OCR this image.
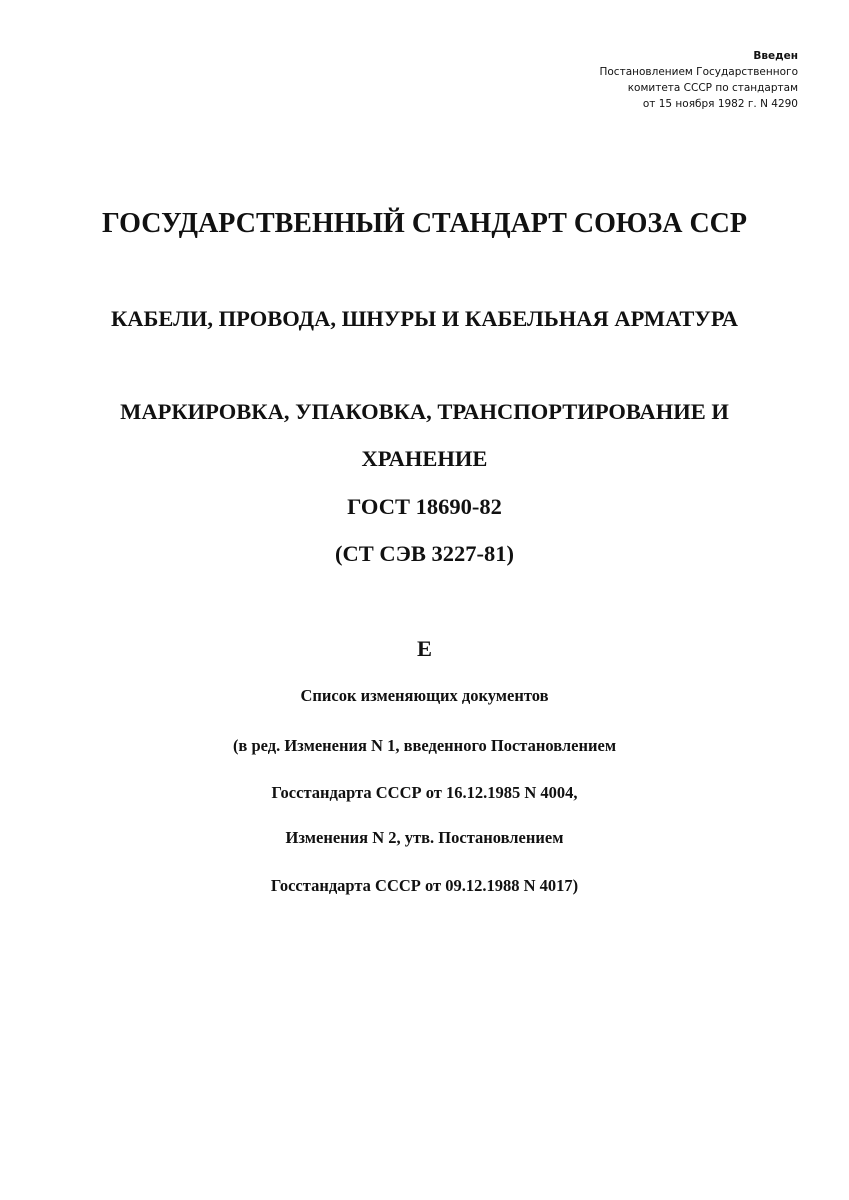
Введен
Постановлением Государственного
комитета СССР по стандартам
от 15 ноября 1982 г. N 4290
ГОСУДАРСТВЕННЫЙ СТАНДАРТ СОЮЗА ССР
КАБЕЛИ, ПРОВОДА, ШНУРЫ И КАБЕЛЬНАЯ АРМАТУРА
МАРКИРОВКА, УПАКОВКА, ТРАНСПОРТИРОВАНИЕ И
ХРАНЕНИЕ
ГОСТ 18690-82
(СТ СЭВ 3227-81)
Е
Список изменяющих документов
(в ред. Изменения N 1, введенного Постановлением
Госстандарта СССР от 16.12.1985 N 4004,
Изменения N 2, утв. Постановлением
Госстандарта СССР от 09.12.1988 N 4017)
